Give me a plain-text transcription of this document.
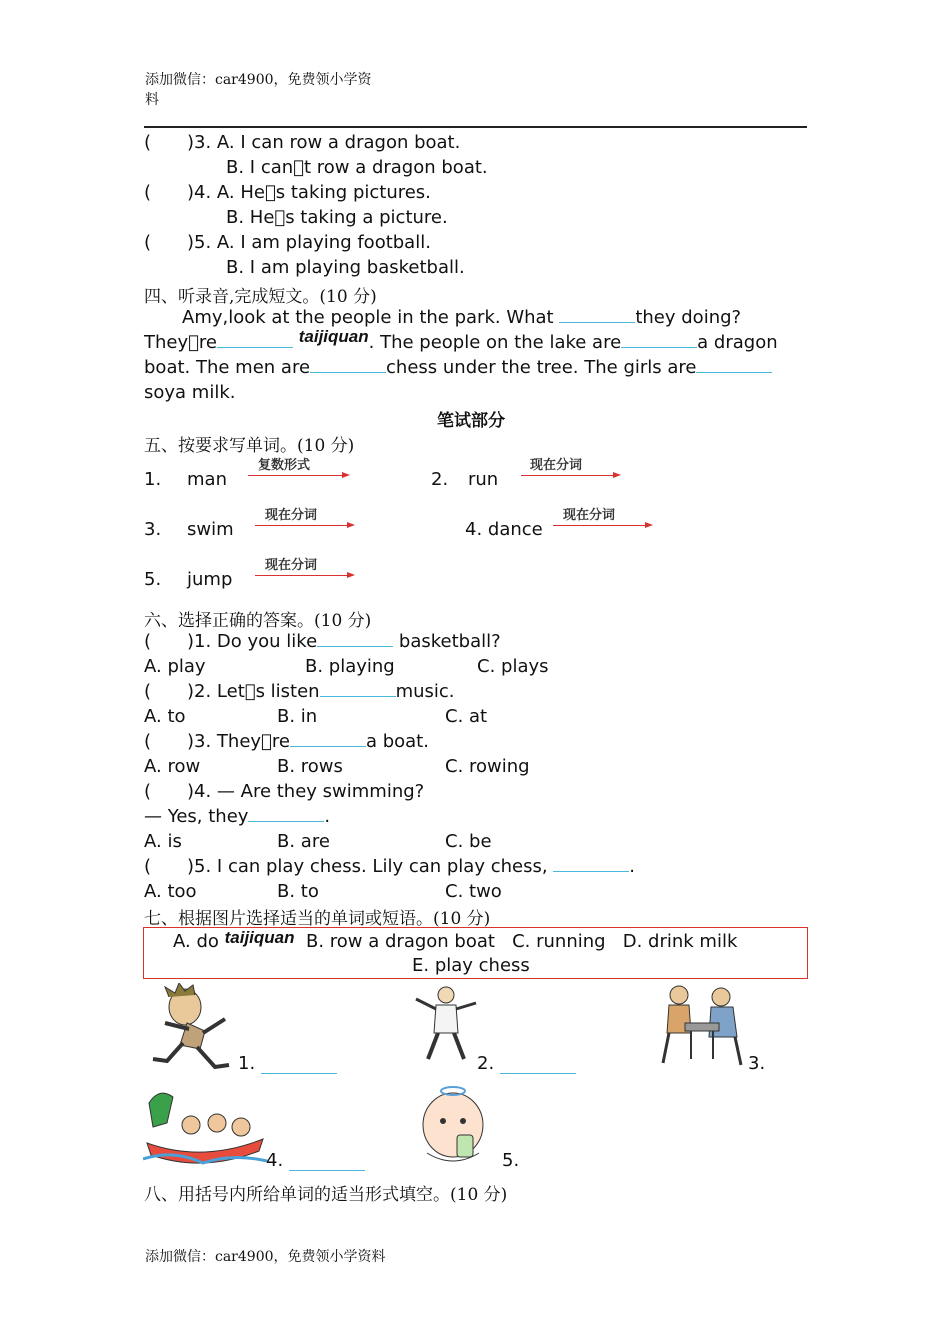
添加微信：car4900，免费领小学资
料
( )3. A. I can row a dragon boat.
B. I can t row a dragon boat.
( )4. A. He s taking pictures.
B. He s taking a picture.
( )5. A. I am playing football.
B. I am playing basketball.
四、听录音,完成短文。(10 分)
Amy,look at the people in the park. What	they doing?
They re	taijiquan. The people on the lake are	a dragon
boat. The men are	chess under the tree. The girls are
soya milk.
笔试部分
五、按要求写单词。(10 分)
1. man
复数形式
2. run
现在分词
3. swim
现在分词
4. dance
现在分词
5. jump
现在分词
六、选择正确的答案。(10 分)
( )1. Do you like	basketball?
A. play	B. playing	C. plays
( )2. Let s listen	music.
A. to	B. in	C. at
( )3. They re	a boat.
A. row	B. rows	C. rowing
( )4. — Are they swimming?
— Yes, they	.
A. is	B. are	C. be
( )5. I can play chess. Lily can play chess,	.
A. too	B. to	C. two
七、根据图片选择适当的单词或短语。(10 分)
A. do taijiquan B. row a dragon boat   C. running   D. drink milk
E. play chess
1.	2.	3.
4.	5.
八、用括号内所给单词的适当形式填空。(10 分)
添加微信：car4900，免费领小学资料
